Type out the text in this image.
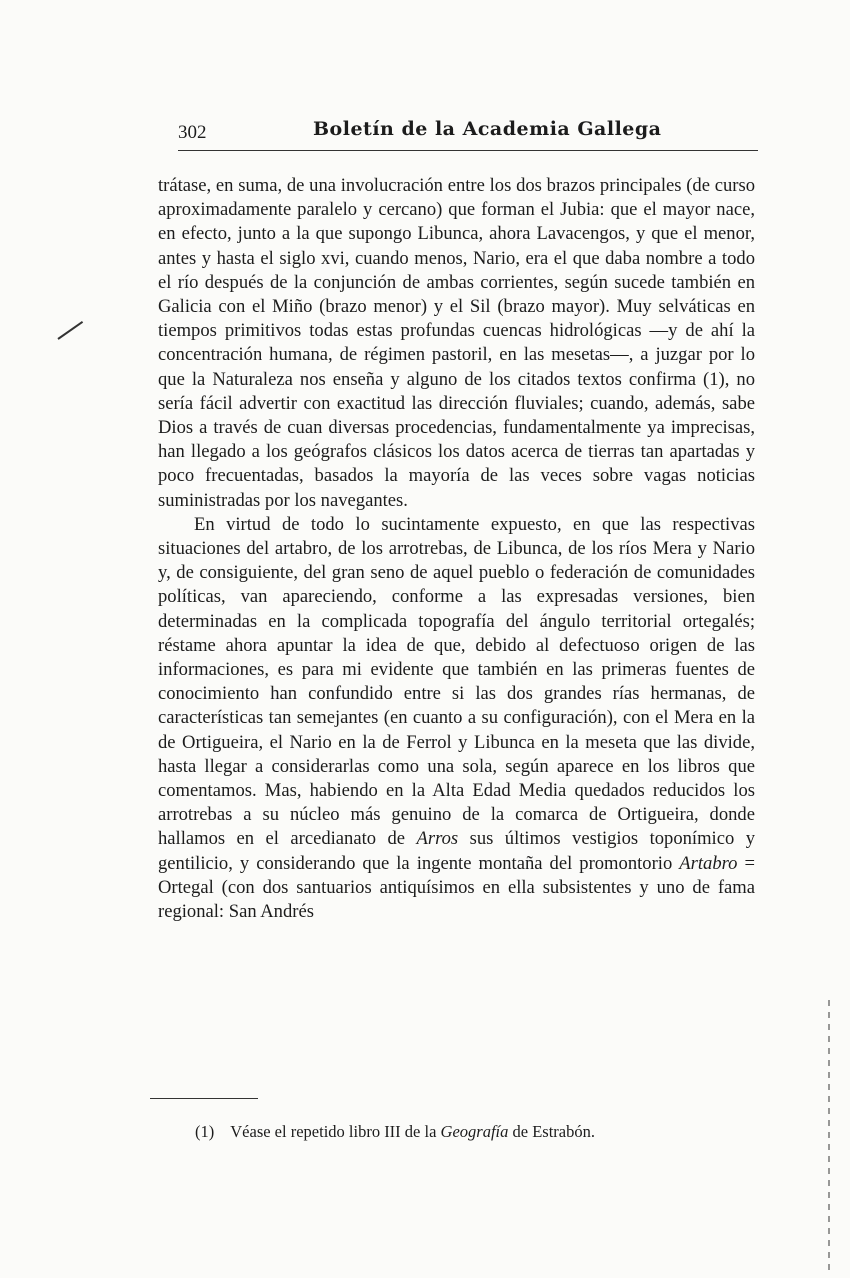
302	Boletín de la Academia Gallega

trátase, en suma, de una involucración entre los dos brazos principales (de curso aproximadamente paralelo y cercano) que forman el Jubia: que el mayor nace, en efecto, junto a la que supongo Libunca, ahora Lavacengos, y que el menor, antes y hasta el siglo xvi, cuando menos, Nario, era el que daba nombre a todo el río después de la conjunción de ambas corrientes, según sucede también en Galicia con el Miño (brazo menor) y el Sil (brazo mayor). Muy selváticas en tiempos primitivos todas estas profundas cuencas hidrológicas —y de ahí la concentración humana, de régimen pastoril, en las mesetas—, a juzgar por lo que la Naturaleza nos enseña y alguno de los citados textos confirma (1), no sería fácil advertir con exactitud las dirección fluviales; cuando, además, sabe Dios a través de cuan diversas procedencias, fundamentalmente ya imprecisas, han llegado a los geógrafos clásicos los datos acerca de tierras tan apartadas y poco frecuentadas, basados la mayoría de las veces sobre vagas noticias suministradas por los navegantes.

En virtud de todo lo sucintamente expuesto, en que las respectivas situaciones del artabro, de los arrotrebas, de Libunca, de los ríos Mera y Nario y, de consiguiente, del gran seno de aquel pueblo o federación de comunidades políticas, van apareciendo, conforme a las expresadas versiones, bien determinadas en la complicada topografía del ángulo territorial ortegalés; réstame ahora apuntar la idea de que, debido al defectuoso origen de las informaciones, es para mi evidente que también en las primeras fuentes de conocimiento han confundido entre si las dos grandes rías hermanas, de características tan semejantes (en cuanto a su configuración), con el Mera en la de Ortigueira, el Nario en la de Ferrol y Libunca en la meseta que las divide, hasta llegar a considerarlas como una sola, según aparece en los libros que comentamos. Mas, habiendo en la Alta Edad Media quedados reducidos los arrotrebas a su núcleo más genuino de la comarca de Ortigueira, donde hallamos en el arcedianato de Arros sus últimos vestigios toponímico y gentilicio, y considerando que la ingente montaña del promontorio Artabro = Ortegal (con dos santuarios antiquísimos en ella subsistentes y uno de fama regional: San Andrés

(1) Véase el repetido libro III de la Geografía de Estrabón.
